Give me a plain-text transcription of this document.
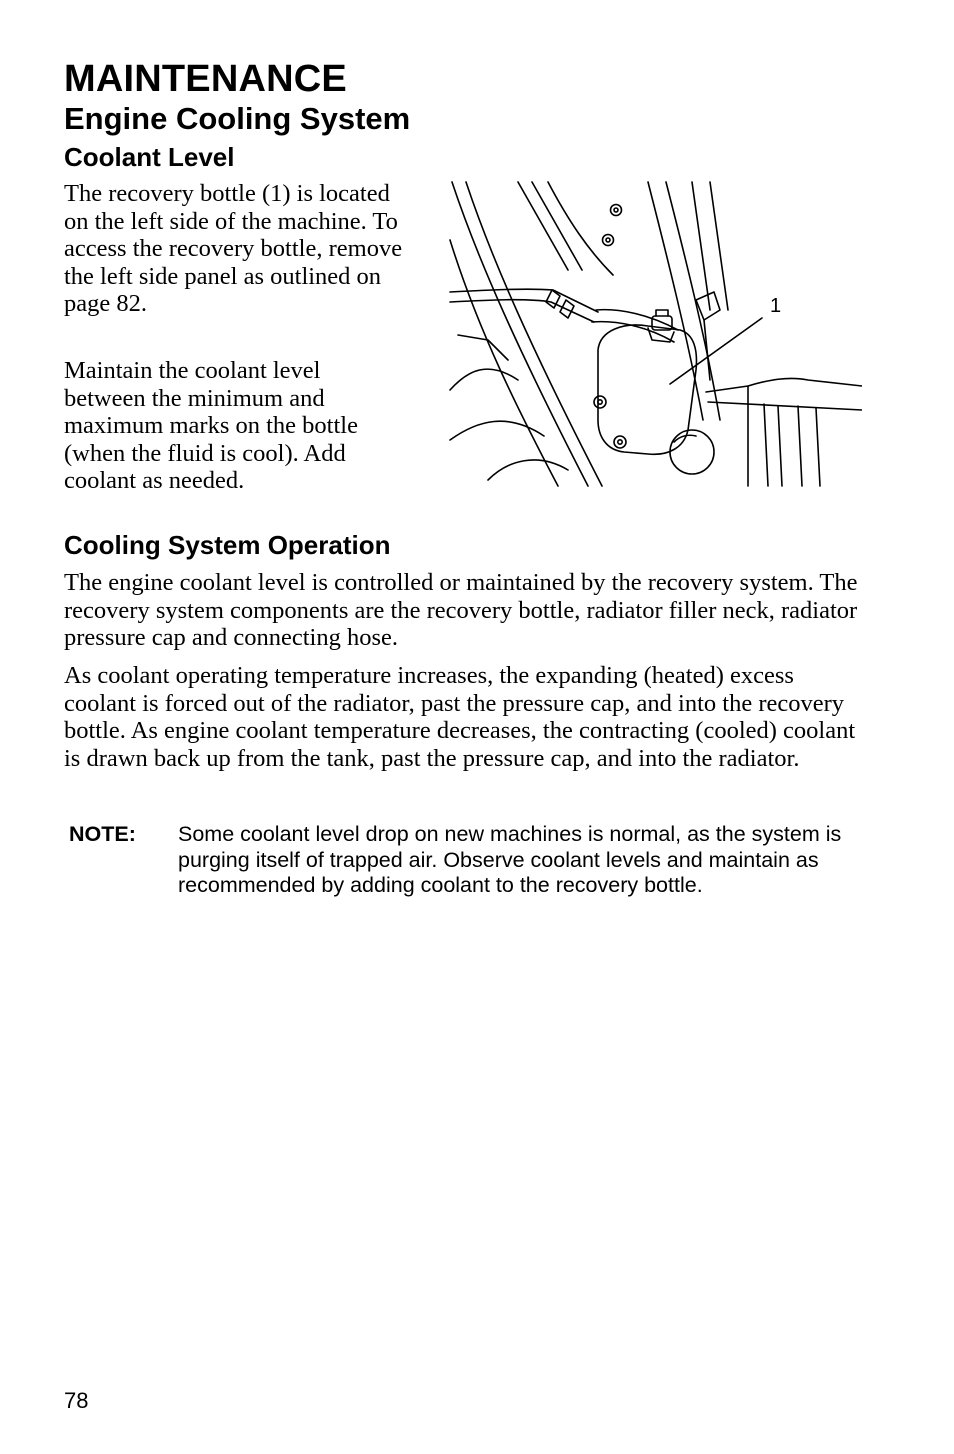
MAINTENANCE
Engine Cooling System
Coolant Level

The recovery bottle (1) is located on the left side of the machine. To access the recovery bottle, remove the left side panel as outlined on page 82.

Maintain the coolant level between the minimum and maximum marks on the bottle (when the fluid is cool). Add coolant as needed.

1
Cooling System Operation

The engine coolant level is controlled or maintained by the recovery system. The recovery system components are the recovery bottle, radiator filler neck, radiator pressure cap and connecting hose.

As coolant operating temperature increases, the expanding (heated) excess coolant is forced out of the radiator, past the pressure cap, and into the recovery bottle. As engine coolant temperature decreases, the contracting (cooled) coolant is drawn back up from the tank, past the pressure cap, and into the radiator.

NOTE: Some coolant level drop on new machines is normal, as the system is purging itself of trapped air. Observe coolant levels and maintain as recommended by adding coolant to the recovery bottle.

78
